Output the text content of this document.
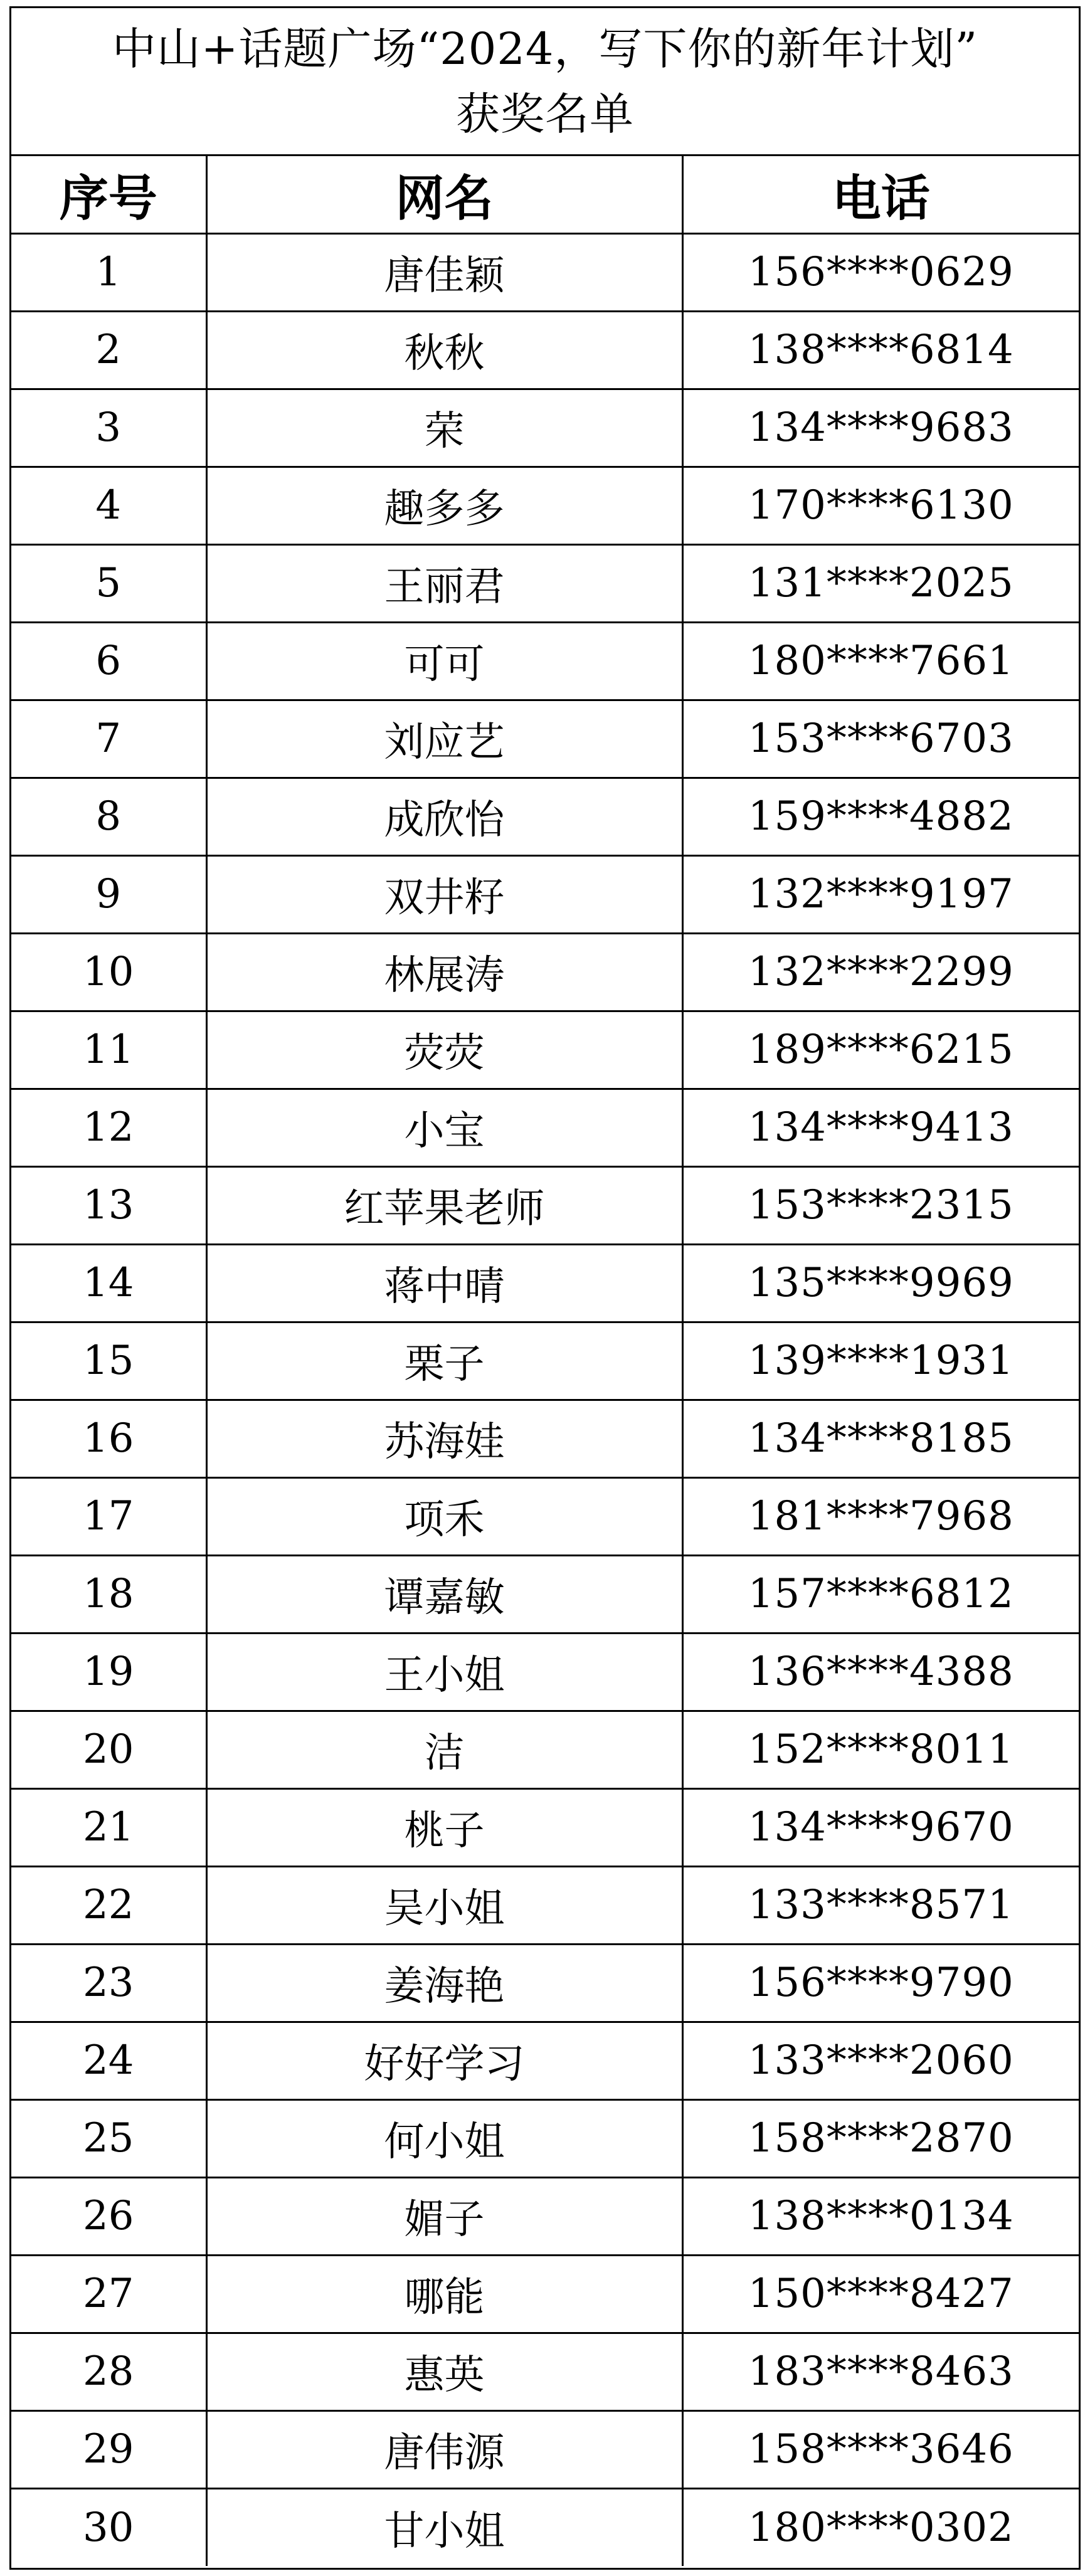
中山+话题广场“2024，写下你的新年计划”
获奖名单
序号	网名	电话
1	唐佳颖	156****0629
2	秋秋	138****6814
3	荣	134****9683
4	趣多多	170****6130
5	王丽君	131****2025
6	可可	180****7661
7	刘应艺	153****6703
8	成欣怡	159****4882
9	双井籽	132****9197
10	林展涛	132****2299
11	荧荧	189****6215
12	小宝	134****9413
13	红苹果老师	153****2315
14	蒋中晴	135****9969
15	栗子	139****1931
16	苏海娃	134****8185
17	项禾	181****7968
18	谭嘉敏	157****6812
19	王小姐	136****4388
20	洁	152****8011
21	桃子	134****9670
22	吴小姐	133****8571
23	姜海艳	156****9790
24	好好学习	133****2060
25	何小姐	158****2870
26	媚子	138****0134
27	哪能	150****8427
28	惠英	183****8463
29	唐伟源	158****3646
30	甘小姐	180****0302
